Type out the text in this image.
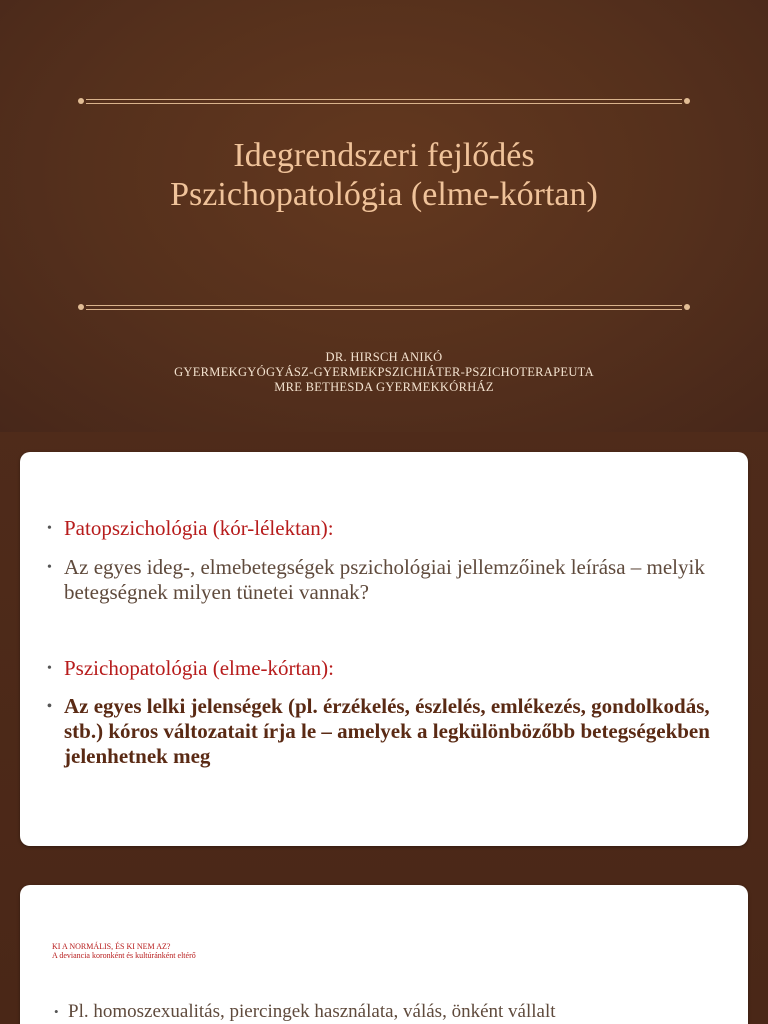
Idegrendszeri fejlődés
Pszichopatológia (elme-kórtan)
DR. HIRSCH ANIKÓ
GYERMEKGYÓGYÁSZ-GYERMEKPSZICHIÁTER-PSZICHOTERAPEUTA
MRE BETHESDA GYERMEKKÓRHÁZ
• Patopszichológia (kór-lélektan):
• Az egyes ideg-, elmebetegségek pszichológiai jellemzőinek leírása – melyik betegségnek milyen tünetei vannak?
• Pszichopatológia (elme-kórtan):
• Az egyes lelki jelenségek (pl. érzékelés, észlelés, emlékezés, gondolkodás, stb.) kóros változatait írja le – amelyek a legkülönbözőbb betegségekben jelenhetnek meg
KI A NORMÁLIS, ÉS KI NEM AZ?
A deviancia koronként és kultúránként eltérő
• Pl. homoszexualitás, piercingek használata, válás, önként vállalt
